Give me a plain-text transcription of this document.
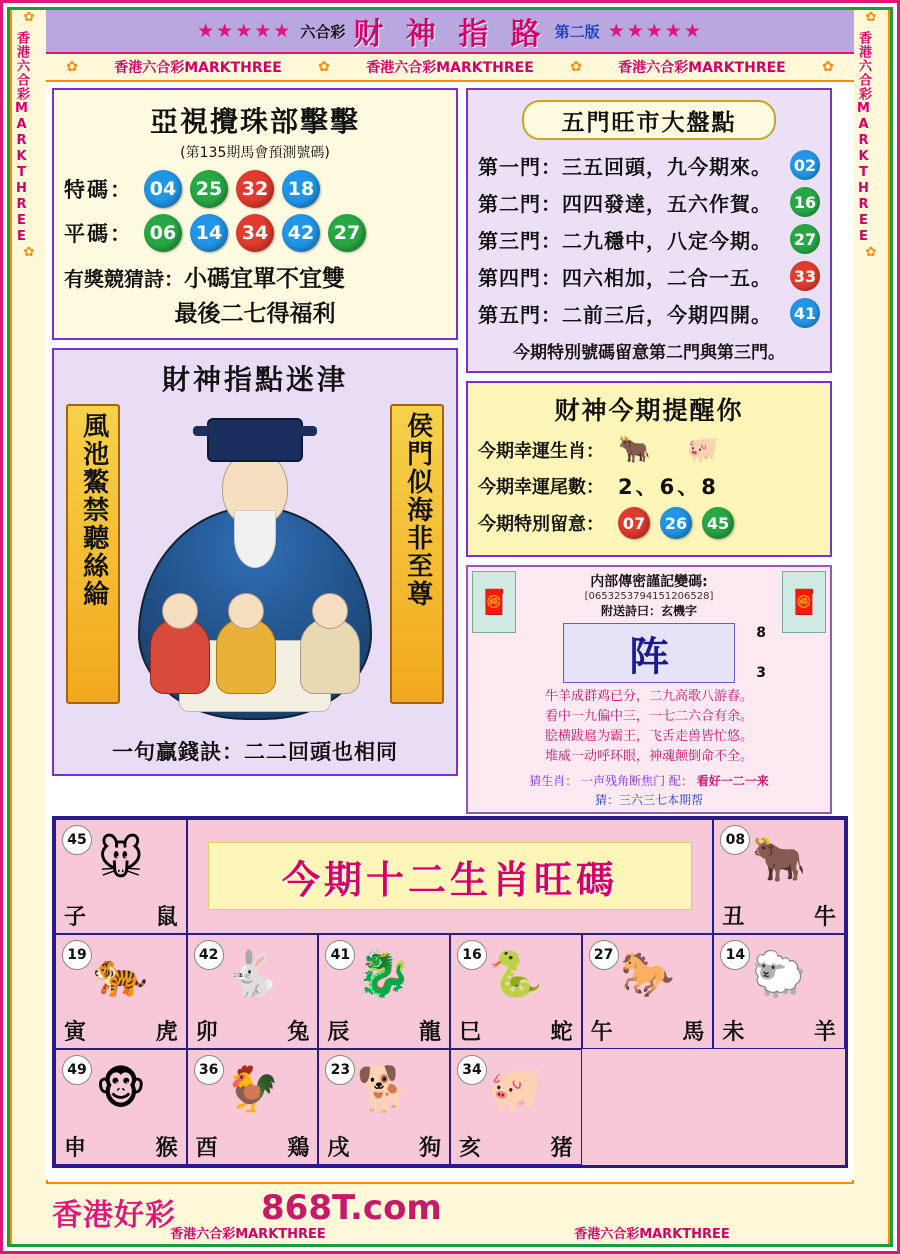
✿
香港六合彩MARKTHREE
✿
✿
香港六合彩MARKTHREE
✿
★★★★★ 六合彩 财 神 指 路 第二版 ★★★★★
✿	香港六合彩MARKTHREE	✿	香港六合彩MARKTHREE	✿	香港六合彩MARKTHREE	✿
亞視攪珠部擊擊
(第135期馬會預測號碼)
特碼： 04	25	32	18
平碼： 06	14	34	42	27
有獎競猜詩：小碼宜單不宜雙
最後二七得福利
財神指點迷津
風池鰲禁聽絲綸	侯門似海非至尊
一句贏錢訣：二二回頭也相同
五門旺市大盤點
第一門：三五回頭，九今期來。	02
第二門：四四發達，五六作賀。	16
第三門：二九穩中，八定今期。	27
第四門：四六相加，二合一五。	33
第五門：二前三后，今期四開。	41
今期特別號碼留意第二門與第三門。
财神今期提醒你
今期幸運生肖： 🐂 🐖
今期幸運尾數： 2、6、8
今期特別留意：	07	26	45
🧧
内部傳密謹記變碼:
[0653253794151206528]
附送詩曰：玄機字
阵
8
3
牛羊成群鸡已分，二九高歌八游春。
看中一九偏中三，一七二六合有余。
脍横跋扈为霸王，飞舌走兽皆忙悠。
堆威一动呼环眼，神魂颠倒命不全。
猜生肖： 一声残角断焦门 配： 看好一二一来
猜：三六三七本期帮
🧧
45 🐭
子	鼠
今期十二生肖旺碼
08 🐂
丑	牛
19 🐅
寅	虎
42 🐇
卯	兔
41 🐉
辰	龍
16 🐍
巳	蛇
27 🐎
午	馬
14 🐑
未	羊
49 🐵
申	猴
36 🐓
酉	鶏
23 🐕
戌	狗
34 🐖
亥	猪
香港好彩	868T.com
香港六合彩MARKTHREE	香港六合彩MARKTHREE
